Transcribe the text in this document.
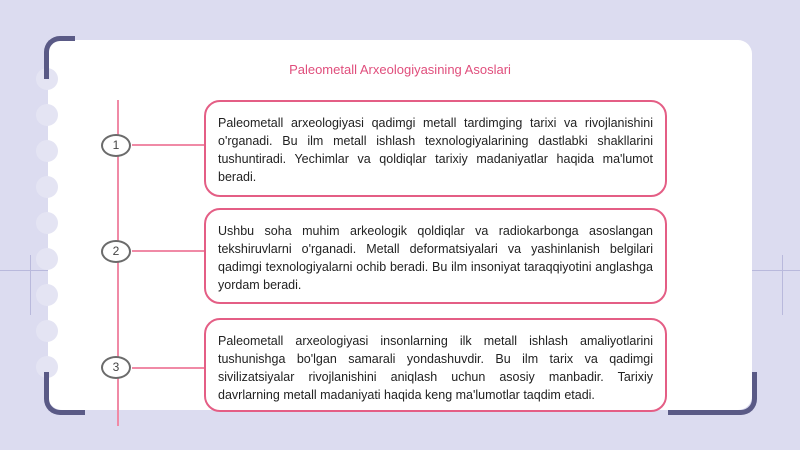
Paleometall Arxeologiyasining Asoslari
1
Paleometall arxeologiyasi qadimgi metall tardimging tarixi va rivojlanishini o'rganadi. Bu ilm metall ishlash texnologiyalarining dastlabki shakllarini tushuntiradi. Yechimlar va qoldiqlar tarixiy madaniyatlar haqida ma'lumot beradi.
2
Ushbu soha muhim arkeologik qoldiqlar va radiokarbonga asoslangan tekshiruvlarni o'rganadi. Metall deformatsiyalari va yashinlanish belgilari qadimgi texnologiyalarni ochib beradi. Bu ilm insoniyat taraqqiyotini anglashga yordam beradi.
3
Paleometall arxeologiyasi insonlarning ilk metall ishlash amaliyotlarini tushunishga bo'lgan samarali yondashuvdir. Bu ilm tarix va qadimgi sivilizatsiyalar rivojlanishini aniqlash uchun asosiy manbadir. Tarixiy davrlarning metall madaniyati haqida keng ma'lumotlar taqdim etadi.
